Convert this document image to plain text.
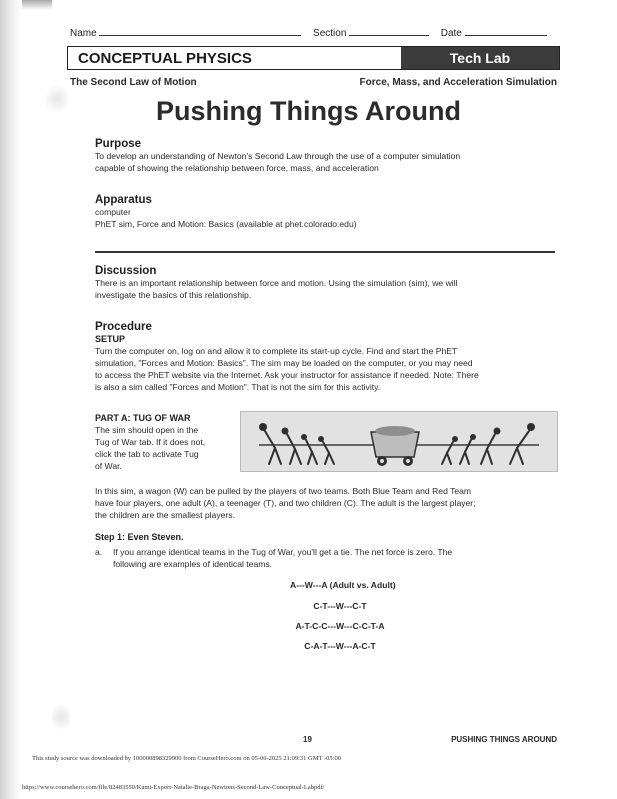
Name	Section	Date
CONCEPTUAL PHYSICS	Tech Lab
The Second Law of Motion	Force, Mass, and Acceleration Simulation
Pushing Things Around
Purpose
To develop an understanding of Newton's Second Law through the use of a computer simulation
capable of showing the relationship between force, mass, and acceleration
Apparatus
computer
PhET sim, Force and Motion: Basics (available at phet.colorado.edu)
Discussion
There is an important relationship between force and motion. Using the simulation (sim), we will
investigate the basics of this relationship.
Procedure
SETUP
Turn the computer on, log on and allow it to complete its start-up cycle. Find and start the PhET
simulation, "Forces and Motion: Basics". The sim may be loaded on the computer, or you may need
to access the PhET website via the Internet. Ask your instructor for assistance if needed. Note: There
is also a sim called "Forces and Motion". That is not the sim for this activity.
PART A: TUG OF WAR
The sim should open in the
Tug of War tab. If it does not,
click the tab to activate Tug
of War.
In this sim, a wagon (W) can be pulled by the players of two teams. Both Blue Team and Red Team
have four players, one adult (A), a teenager (T), and two children (C). The adult is the largest player;
the children are the smallest players.
Step 1: Even Steven.
a.	If you arrange identical teams in the Tug of War, you'll get a tie. The net force is zero. The
following are examples of identical teams.
A---W---A (Adult vs. Adult)
C-T---W---C-T
A-T-C-C---W---C-C-T-A
C-A-T---W---A-C-T
19	PUSHING THINGS AROUND
This study source was downloaded by 100000898329900 from CourseHero.com on 05-06-2025 21:09:31 GMT -05:00
https://www.coursehero.com/file/82483550/Kami-Export-Natalie-Braga-Newtons-Second-Law-Conceptual-Labpdf/
